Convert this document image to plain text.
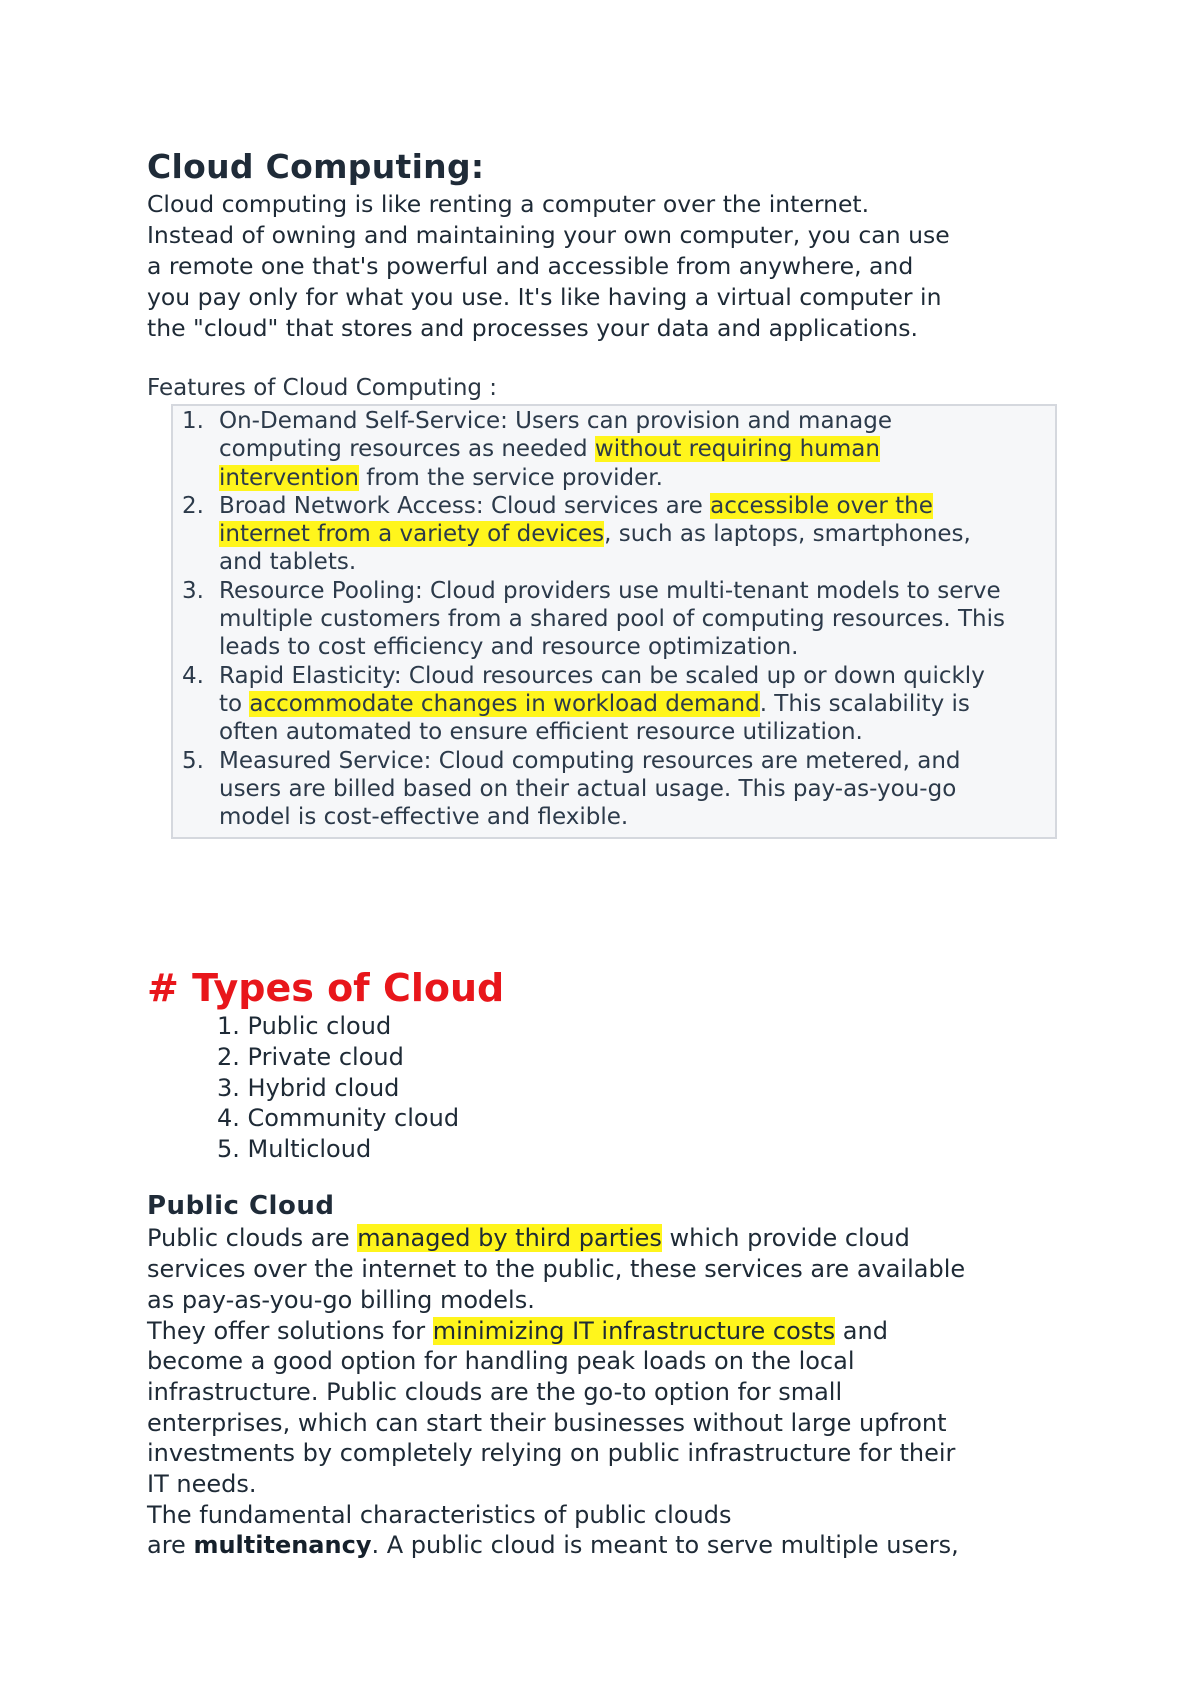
Cloud Computing:

Cloud computing is like renting a computer over the internet.
Instead of owning and maintaining your own computer, you can use
a remote one that's powerful and accessible from anywhere, and
you pay only for what you use. It's like having a virtual computer in
the "cloud" that stores and processes your data and applications.

Features of Cloud Computing :

1. On-Demand Self-Service: Users can provision and manage
computing resources as needed without requiring human
intervention from the service provider.
2. Broad Network Access: Cloud services are accessible over the
internet from a variety of devices, such as laptops, smartphones,
and tablets.
3. Resource Pooling: Cloud providers use multi-tenant models to serve
multiple customers from a shared pool of computing resources. This
leads to cost efficiency and resource optimization.
4. Rapid Elasticity: Cloud resources can be scaled up or down quickly
to accommodate changes in workload demand. This scalability is
often automated to ensure efficient resource utilization.
5. Measured Service: Cloud computing resources are metered, and
users are billed based on their actual usage. This pay-as-you-go
model is cost-effective and flexible.
# Types of Cloud
1. Public cloud
2. Private cloud
3. Hybrid cloud
4. Community cloud
5. Multicloud
Public Cloud

Public clouds are managed by third parties which provide cloud
services over the internet to the public, these services are available
as pay-as-you-go billing models.
They offer solutions for minimizing IT infrastructure costs and
become a good option for handling peak loads on the local
infrastructure. Public clouds are the go-to option for small
enterprises, which can start their businesses without large upfront
investments by completely relying on public infrastructure for their
IT needs.
The fundamental characteristics of public clouds
are multitenancy. A public cloud is meant to serve multiple users,
